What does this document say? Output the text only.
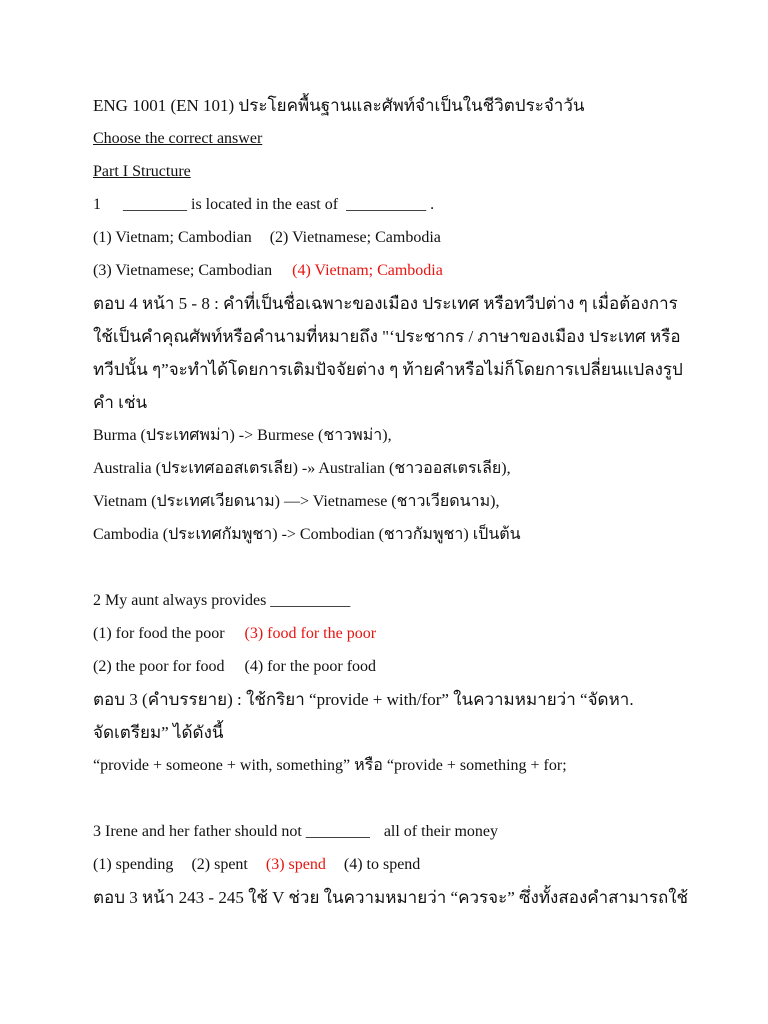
ENG 1001 (EN 101) ประโยคพื้นฐานและศัพท์จำเป็นในชีวิตประจำวัน
Choose the correct answer
Part I Structure
1 ________ is located in the east of __________ .
(1) Vietnam; Cambodian (2) Vietnamese; Cambodia
(3) Vietnamese; Cambodian (4) Vietnam; Cambodia
ตอบ 4 หน้า 5 - 8 : คำที่เป็นชื่อเฉพาะของเมือง ประเทศ หรือทวีปต่าง ๆ เมื่อต้องการ
ใช้เป็นคำคุณศัพท์หรือคำนามที่หมายถึง "‘ประชากร / ภาษาของเมือง ประเทศ หรือ
ทวีปนั้น ๆ”จะทำได้โดยการเติมปัจจัยต่าง ๆ ท้ายคำหรือไม่ก็โดยการเปลี่ยนแปลงรูป
คำ เช่น
Burma (ประเทศพม่า) -> Burmese (ชาวพม่า),
Australia (ประเทศออสเตรเลีย) -» Australian (ชาวออสเตรเลีย),
Vietnam (ประเทศเวียดนาม) —> Vietnamese (ชาวเวียดนาม),
Cambodia (ประเทศกัมพูชา) -> Combodian (ชาวกัมพูชา) เป็นต้น
2 My aunt always provides __________
(1) for food the poor (3) food for the poor
(2) the poor for food (4) for the poor food
ตอบ 3 (คำบรรยาย) : ใช้กริยา “provide + with/for” ในความหมายว่า “จัดหา.
จัดเตรียม” ได้ดังนี้
“provide + someone + with, something” หรือ “provide + something + for;
3 Irene and her father should not ________ all of their money
(1) spending (2) spent (3) spend (4) to spend
ตอบ 3 หน้า 243 - 245 ใช้ V ช่วย ในความหมายว่า “ควรจะ” ซึ่งทั้งสองคำสามารถใช้
